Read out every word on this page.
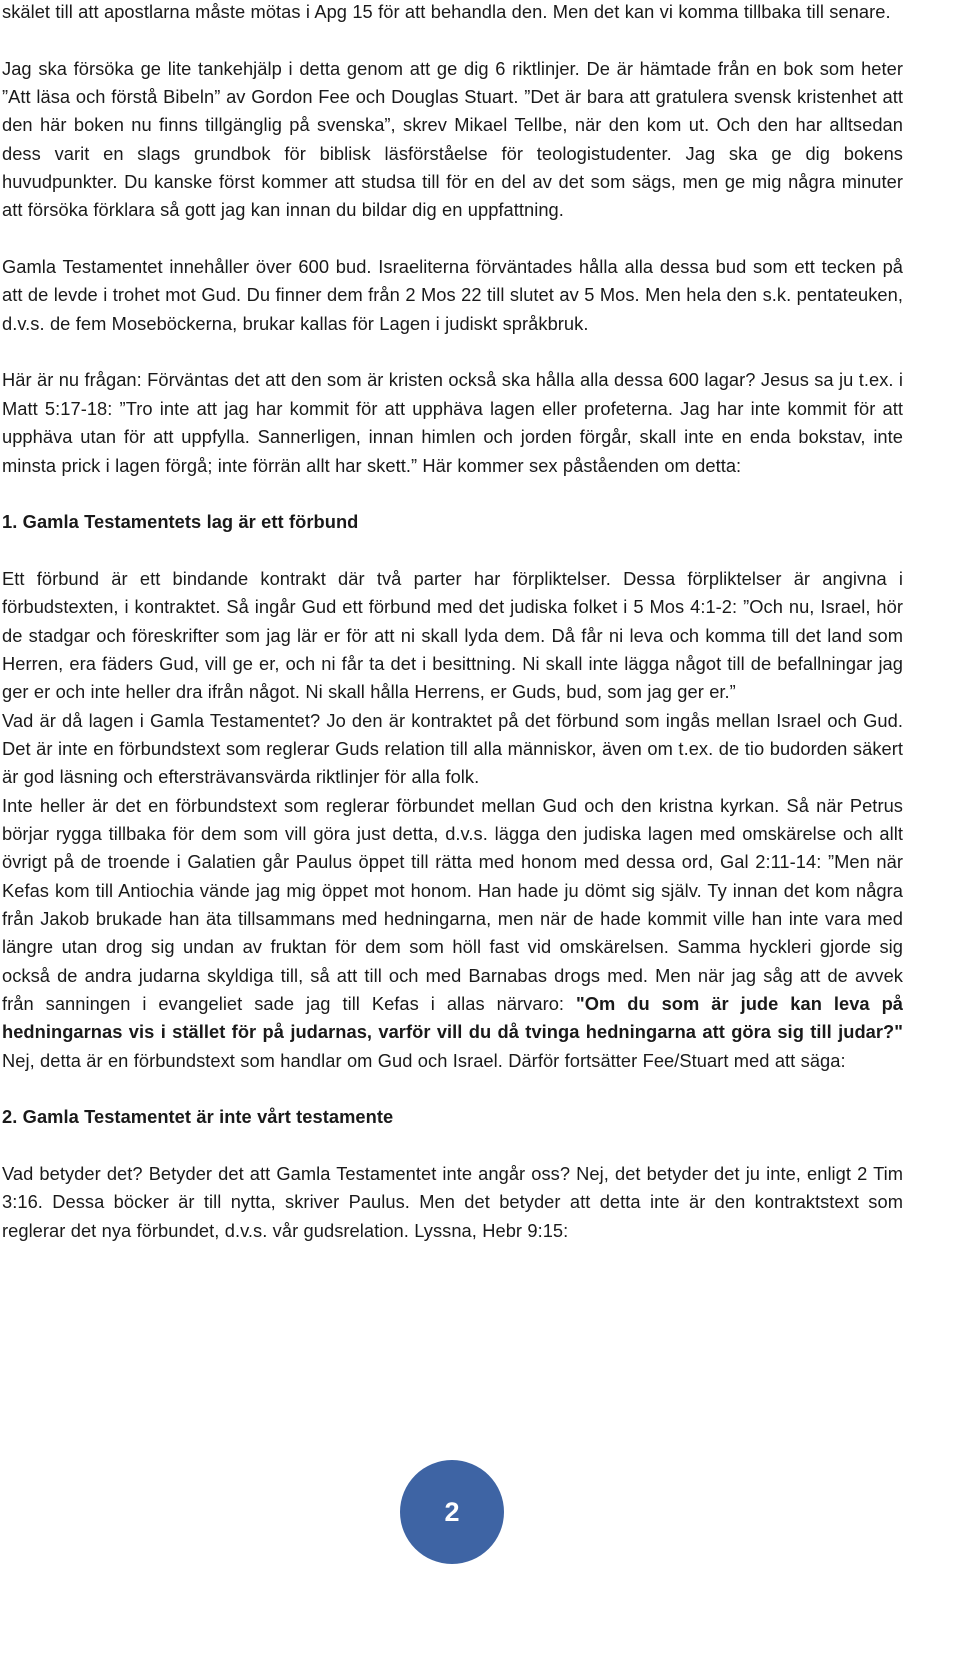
skälet till att apostlarna måste mötas i Apg 15 för att behandla den. Men det kan vi komma tillbaka till senare.

Jag ska försöka ge lite tankehjälp i detta genom att ge dig 6 riktlinjer. De är hämtade från en bok som heter ”Att läsa och förstå Bibeln” av Gordon Fee och Douglas Stuart. ”Det är bara att gratulera svensk kristenhet att den här boken nu finns tillgänglig på svenska”, skrev Mikael Tellbe, när den kom ut. Och den har alltsedan dess varit en slags grundbok för biblisk läsförståelse för teologistudenter. Jag ska ge dig bokens huvudpunkter. Du kanske först kommer att studsa till för en del av det som sägs, men ge mig några minuter att försöka förklara så gott jag kan innan du bildar dig en uppfattning.

Gamla Testamentet innehåller över 600 bud. Israeliterna förväntades hålla alla dessa bud som ett tecken på att de levde i trohet mot Gud. Du finner dem från 2 Mos 22 till slutet av 5 Mos. Men hela den s.k. pentateuken, d.v.s. de fem Moseböckerna, brukar kallas för Lagen i judiskt språkbruk.

Här är nu frågan: Förväntas det att den som är kristen också ska hålla alla dessa 600 lagar? Jesus sa ju t.ex. i Matt 5:17-18: ”Tro inte att jag har kommit för att upphäva lagen eller profeterna. Jag har inte kommit för att upphäva utan för att uppfylla. Sannerligen, innan himlen och jorden förgår, skall inte en enda bokstav, inte minsta prick i lagen förgå; inte förrän allt har skett.” Här kommer sex påståenden om detta:

1. Gamla Testamentets lag är ett förbund

Ett förbund är ett bindande kontrakt där två parter har förpliktelser. Dessa förpliktelser är angivna i förbudstexten, i kontraktet. Så ingår Gud ett förbund med det judiska folket i 5 Mos 4:1-2: ”Och nu, Israel, hör de stadgar och föreskrifter som jag lär er för att ni skall lyda dem. Då får ni leva och komma till det land som Herren, era fäders Gud, vill ge er, och ni får ta det i besittning. Ni skall inte lägga något till de befallningar jag ger er och inte heller dra ifrån något. Ni skall hålla Herrens, er Guds, bud, som jag ger er.”

Vad är då lagen i Gamla Testamentet? Jo den är kontraktet på det förbund som ingås mellan Israel och Gud. Det är inte en förbundstext som reglerar Guds relation till alla människor, även om t.ex. de tio budorden säkert är god läsning och eftersträvansvärda riktlinjer för alla folk.

Inte heller är det en förbundstext som reglerar förbundet mellan Gud och den kristna kyrkan. Så när Petrus börjar rygga tillbaka för dem som vill göra just detta, d.v.s. lägga den judiska lagen med omskärelse och allt övrigt på de troende i Galatien går Paulus öppet till rätta med honom med dessa ord, Gal 2:11-14: ”Men när Kefas kom till Antiochia vände jag mig öppet mot honom. Han hade ju dömt sig själv. Ty innan det kom några från Jakob brukade han äta tillsammans med hedningarna, men när de hade kommit ville han inte vara med längre utan drog sig undan av fruktan för dem som höll fast vid omskärelsen. Samma hyckleri gjorde sig också de andra judarna skyldiga till, så att till och med Barnabas drogs med. Men när jag såg att de avvek från sanningen i evangeliet sade jag till Kefas i allas närvaro: "Om du som är jude kan leva på hedningarnas vis i stället för på judarnas, varför vill du då tvinga hedningarna att göra sig till judar?" Nej, detta är en förbundstext som handlar om Gud och Israel. Därför fortsätter Fee/Stuart med att säga:

2. Gamla Testamentet är inte vårt testamente

Vad betyder det? Betyder det att Gamla Testamentet inte angår oss? Nej, det betyder det ju inte, enligt 2 Tim 3:16. Dessa böcker är till nytta, skriver Paulus. Men det betyder att detta inte är den kontraktstext som reglerar det nya förbundet, d.v.s. vår gudsrelation. Lyssna, Hebr 9:15:

2
